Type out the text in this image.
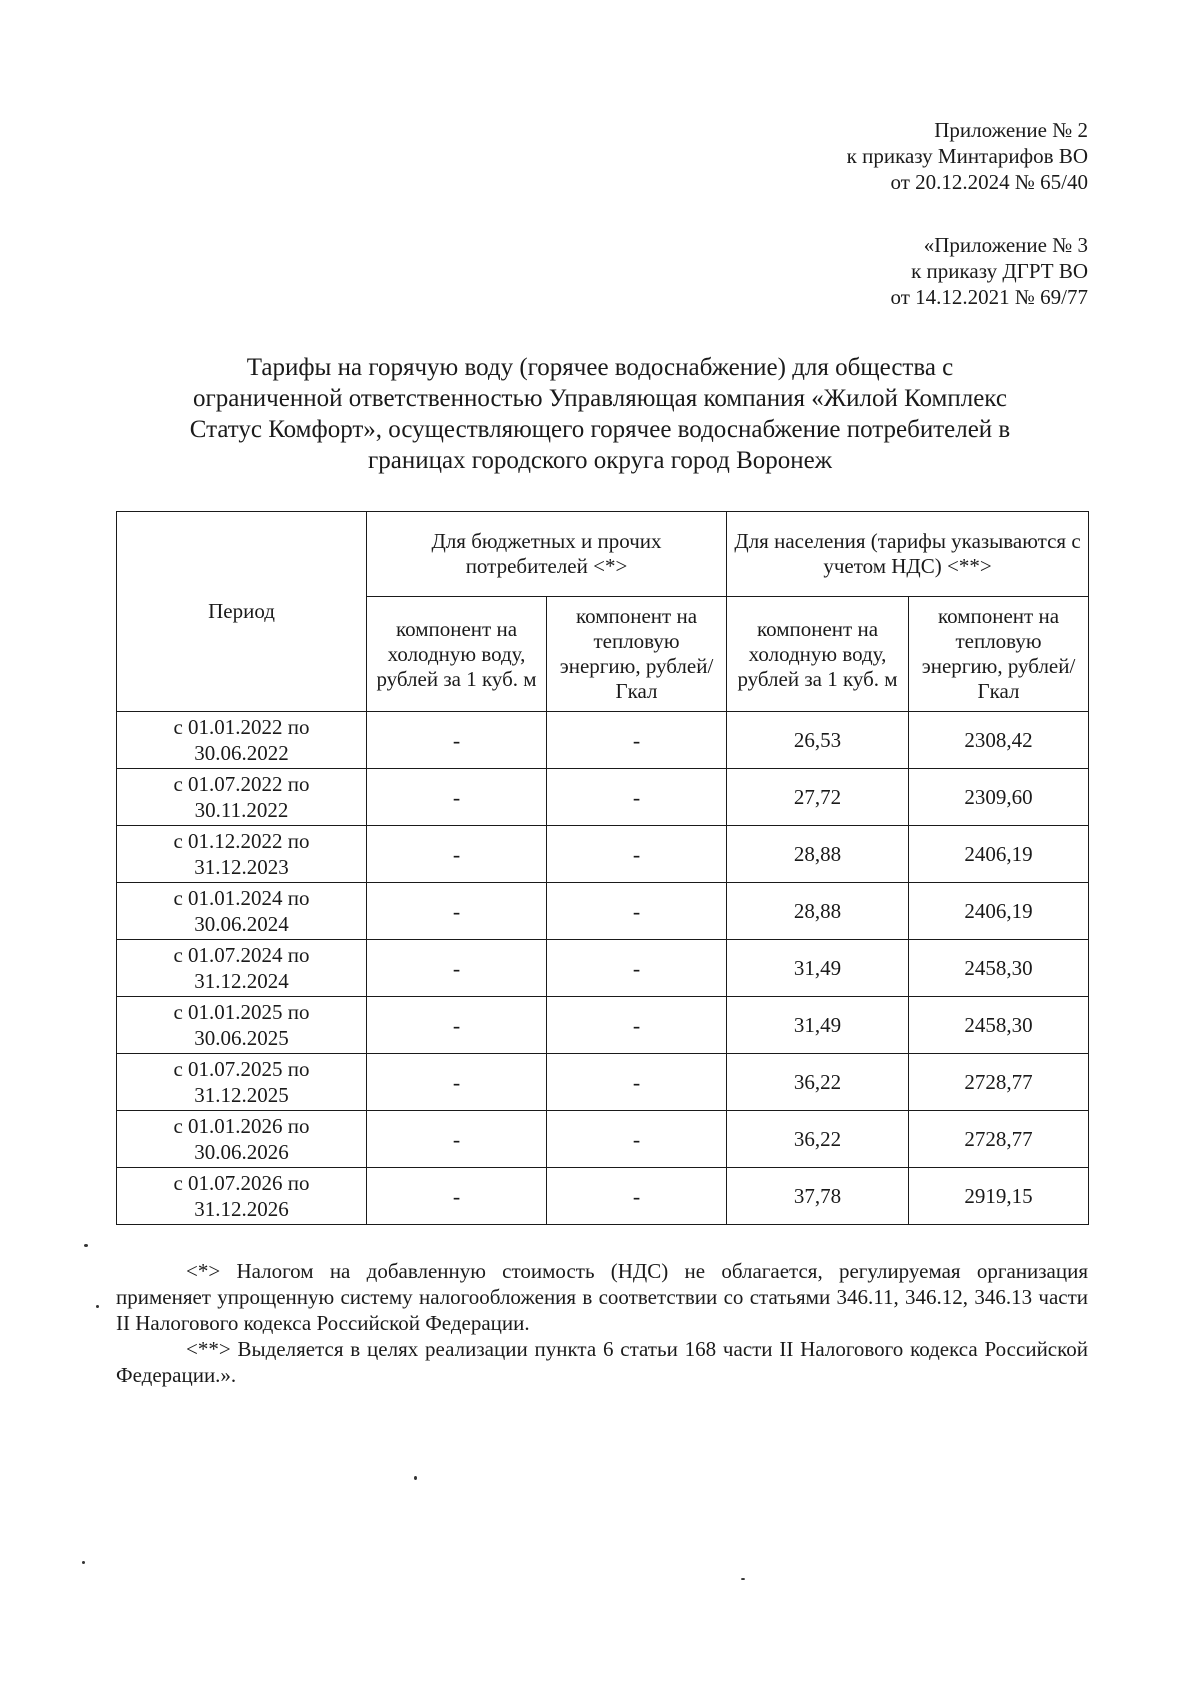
Приложение № 2
к приказу Минтарифов ВО
от 20.12.2024 № 65/40
«Приложение № 3
к приказу ДГРТ ВО
от 14.12.2021 № 69/77
Тарифы на горячую воду (горячее водоснабжение) для общества с
ограниченной ответственностью Управляющая компания «Жилой Комплекс
Статус Комфорт», осуществляющего горячее водоснабжение потребителей в
границах городского округа город Воронеж
Период	Для бюджетных и прочих потребителей <*>		Для населения (тарифы указываются с учетом НДС) <**>	
	компонент на холодную воду, рублей за 1 куб. м	компонент на тепловую энергию, рублей/Гкал	компонент на холодную воду, рублей за 1 куб. м	компонент на тепловую энергию, рублей/Гкал

с 01.01.2022 по
30.06.2022	-	-	26,53	2308,42

с 01.07.2022 по
30.11.2022	-	-	27,72	2309,60

с 01.12.2022 по
31.12.2023	-	-	28,88	2406,19

с 01.01.2024 по
30.06.2024	-	-	28,88	2406,19

с 01.07.2024 по
31.12.2024	-	-	31,49	2458,30

с 01.01.2025 по
30.06.2025	-	-	31,49	2458,30

с 01.07.2025 по
31.12.2025	-	-	36,22	2728,77

с 01.01.2026 по
30.06.2026	-	-	36,22	2728,77

с 01.07.2026 по
31.12.2026	-	-	37,78	2919,15

<*> Налогом на добавленную стоимость (НДС) не облагается, регулируемая организация применяет упрощенную систему налогообложения в соответствии со статьями 346.11, 346.12, 346.13 части II Налогового кодекса Российской Федерации.

<**> Выделяется в целях реализации пункта 6 статьи 168 части II Налогового кодекса Российской Федерации.».
